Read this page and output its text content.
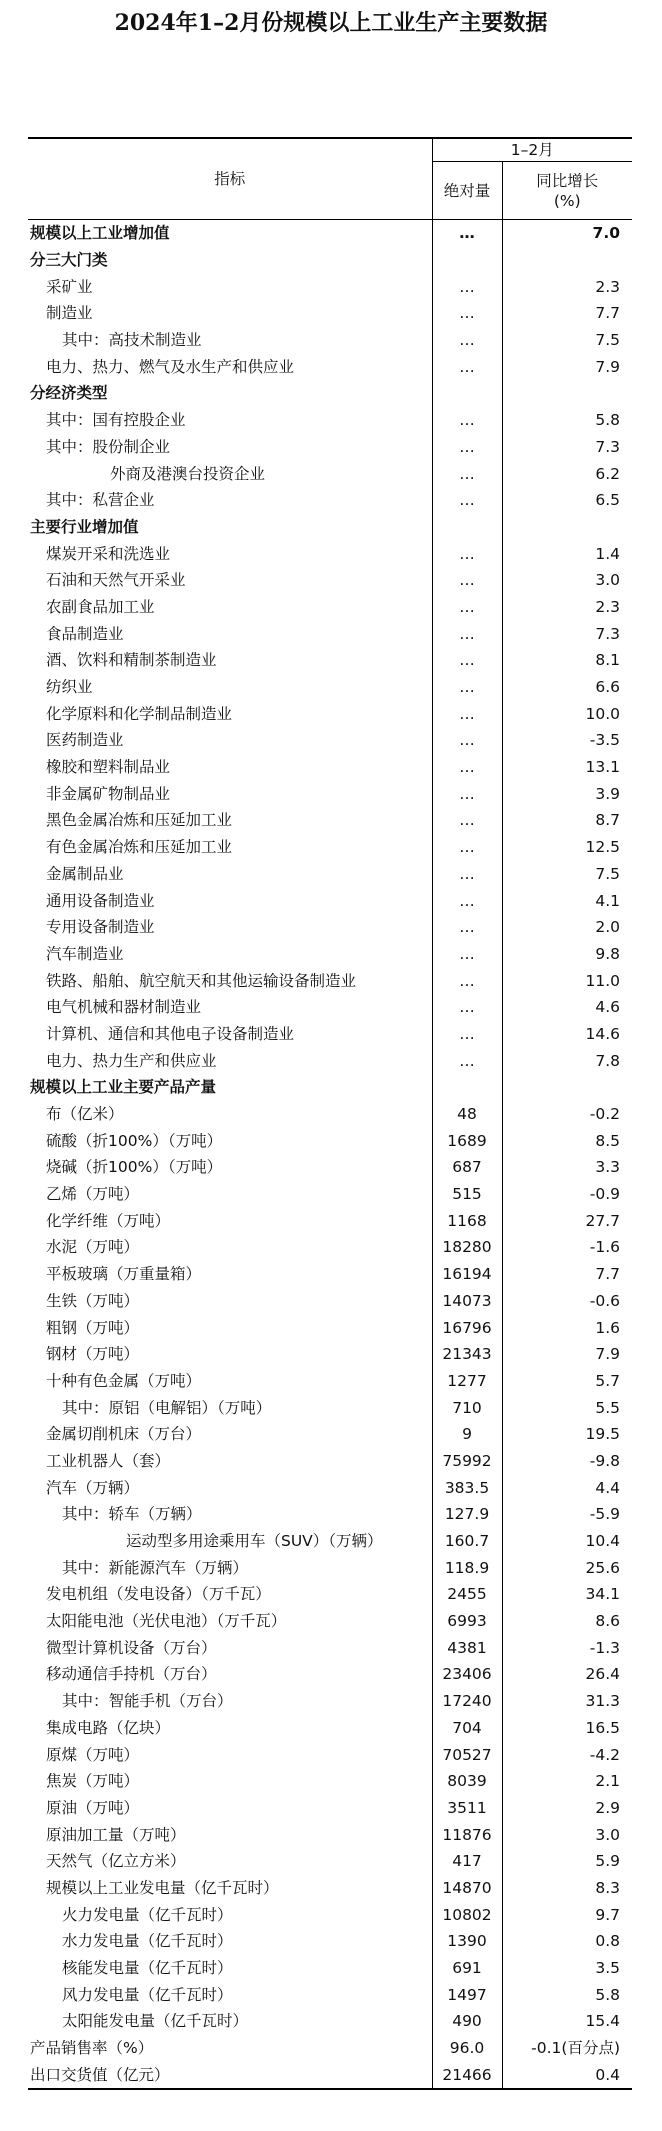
2024年1–2月份规模以上工业生产主要数据
指标	1–2月	
	绝对量	同比增长
(%)

规模以上工业增加值	…	7.0
分三大门类		
采矿业	…	2.3
制造业	…	7.7
其中：高技术制造业	…	7.5
电力、热力、燃气及水生产和供应业	…	7.9
分经济类型		
其中：国有控股企业	…	5.8
其中：股份制企业	…	7.3
外商及港澳台投资企业	…	6.2
其中：私营企业	…	6.5
主要行业增加值		
煤炭开采和洗选业	…	1.4
石油和天然气开采业	…	3.0
农副食品加工业	…	2.3
食品制造业	…	7.3
酒、饮料和精制茶制造业	…	8.1
纺织业	…	6.6
化学原料和化学制品制造业	…	10.0
医药制造业	…	-3.5
橡胶和塑料制品业	…	13.1
非金属矿物制品业	…	3.9
黑色金属冶炼和压延加工业	…	8.7
有色金属冶炼和压延加工业	…	12.5
金属制品业	…	7.5
通用设备制造业	…	4.1
专用设备制造业	…	2.0
汽车制造业	…	9.8
铁路、船舶、航空航天和其他运输设备制造业	…	11.0
电气机械和器材制造业	…	4.6
计算机、通信和其他电子设备制造业	…	14.6
电力、热力生产和供应业	…	7.8
规模以上工业主要产品产量		
布（亿米）	48	-0.2
硫酸（折100%）（万吨）	1689	8.5
烧碱（折100%）（万吨）	687	3.3
乙烯（万吨）	515	-0.9
化学纤维（万吨）	1168	27.7
水泥（万吨）	18280	-1.6
平板玻璃（万重量箱）	16194	7.7
生铁（万吨）	14073	-0.6
粗钢（万吨）	16796	1.6
钢材（万吨）	21343	7.9
十种有色金属（万吨）	1277	5.7
其中：原铝（电解铝）（万吨）	710	5.5
金属切削机床（万台）	9	19.5
工业机器人（套）	75992	-9.8
汽车（万辆）	383.5	4.4
其中：轿车（万辆）	127.9	-5.9
运动型多用途乘用车（SUV）（万辆）	160.7	10.4
其中：新能源汽车（万辆）	118.9	25.6
发电机组（发电设备）（万千瓦）	2455	34.1
太阳能电池（光伏电池）（万千瓦）	6993	8.6
微型计算机设备（万台）	4381	-1.3
移动通信手持机（万台）	23406	26.4
其中：智能手机（万台）	17240	31.3
集成电路（亿块）	704	16.5
原煤（万吨）	70527	-4.2
焦炭（万吨）	8039	2.1
原油（万吨）	3511	2.9
原油加工量（万吨）	11876	3.0
天然气（亿立方米）	417	5.9
规模以上工业发电量（亿千瓦时）	14870	8.3
火力发电量（亿千瓦时）	10802	9.7
水力发电量（亿千瓦时）	1390	0.8
核能发电量（亿千瓦时）	691	3.5
风力发电量（亿千瓦时）	1497	5.8
太阳能发电量（亿千瓦时）	490	15.4
产品销售率（%）	96.0	-0.1(百分点)
出口交货值（亿元）	21466	0.4
